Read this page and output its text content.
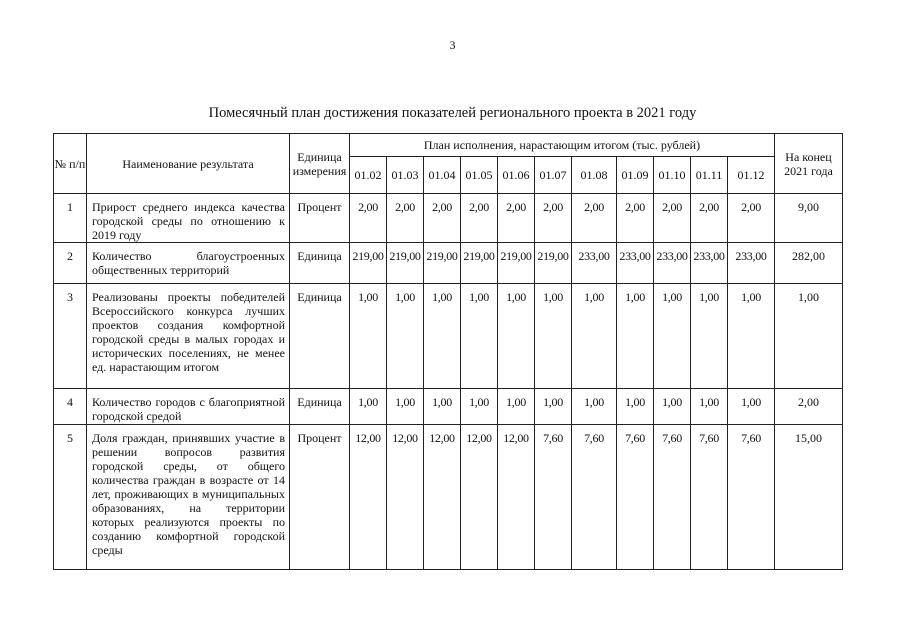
3
Помесячный план достижения показателей регионального проекта в 2021 году
№ п/п	Наименование результата	Единица измерения	План исполнения, нарастающим итогом (тыс. рублей)											На конец 2021 года
			01.02	01.03	01.04	01.05	01.06	01.07	01.08	01.09	01.10	01.11	01.12	
1	Прирост среднего индекса качества городской среды по отношению к 2019 году	Процент	2,00	2,00	2,00	2,00	2,00	2,00	2,00	2,00	2,00	2,00	2,00	9,00
2	Количество благоустроенных общественных территорий	Единица	219,00	219,00	219,00	219,00	219,00	219,00	233,00	233,00	233,00	233,00	233,00	282,00
3	Реализованы проекты победителей Всероссийского конкурса лучших проектов создания комфортной городской среды в малых городах и исторических поселениях, не менее ед. нарастающим итогом	Единица	1,00	1,00	1,00	1,00	1,00	1,00	1,00	1,00	1,00	1,00	1,00	1,00
4	Количество городов с благоприятной городской средой	Единица	1,00	1,00	1,00	1,00	1,00	1,00	1,00	1,00	1,00	1,00	1,00	2,00
5	Доля граждан, принявших участие в решении вопросов развития городской среды, от общего количества граждан в возрасте от 14 лет, проживающих в муниципальных образованиях, на территории которых реализуются проекты по созданию комфортной городской среды	Процент	12,00	12,00	12,00	12,00	12,00	7,60	7,60	7,60	7,60	7,60	7,60	15,00
